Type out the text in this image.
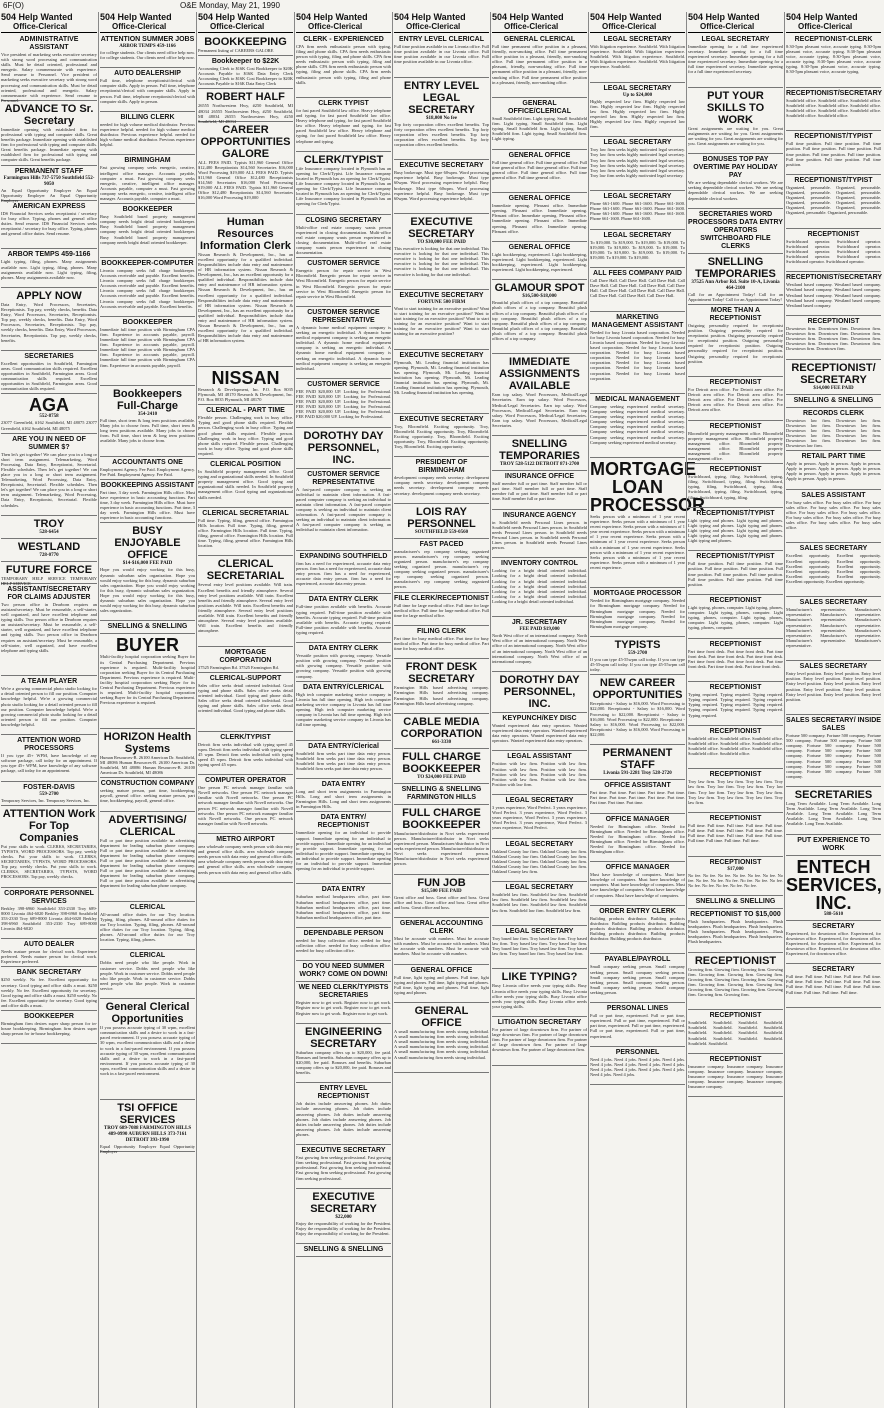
6F(O)	O&E Monday, May 21, 1990
504 Help Wanted
Office-Clerical
ADMINISTRATIVE ASSISTANT
Vice president of marketing seeks executive secretary with strong word processing and communication skills. Must be detail oriented, professional and energetic. Salary commensurate with experience. Send resume to Personnel. Vice president of marketing seeks executive secretary with strong word processing and communication skills. Must be detail oriented, professional and energetic. Salary commensurate with experience. Send resume to Personnel.
ADVANCE TO Sr. Secretary
Immediate opening with established firm for professional with typing and computer skills. Great benefits package. Immediate opening with established firm for professional with typing and computer skills. Great benefits package. Immediate opening with established firm for professional with typing and computer skills. Great benefits package.
PERMANENT STAFF
Farmington Hills 737-5750 Southfield 552-9050
An Equal Opportunity Employer An Equal Opportunity Employer An Equal Opportunity Employer
AMERICAN EXPRESS
IDS Financial Services seeks receptionist / secretary for busy office. Typing, phones and general office duties. Send resume. IDS Financial Services seeks receptionist / secretary for busy office. Typing, phones and general office duties. Send resume.
ARBOR TEMPS 459-1166
Light typing, filing, phones. Many assignments available now. Light typing, filing, phones. Many assignments available now. Light typing, filing, phones. Many assignments available now.
APPLY NOW
Data Entry, Word Processors, Secretaries, Receptionists. Top pay, weekly checks, benefits. Data Entry, Word Processors, Secretaries, Receptionists. Top pay, weekly checks, benefits. Data Entry, Word Processors, Secretaries, Receptionists. Top pay, weekly checks, benefits. Data Entry, Word Processors, Secretaries, Receptionists. Top pay, weekly checks, benefits.
SECRETARIES
Excellent opportunities in Southfield, Farmington areas. Good communication skills required. Excellent opportunities in Southfield, Farmington areas. Good communication skills required. Excellent opportunities in Southfield, Farmington areas. Good communication skills required.
AGA
552-8758
23077 Greenfield, #162 Southfield, MI 48075 23077 Greenfield, #162 Southfield, MI 48075
ARE YOU IN NEED OF SUMMER $?
Then let's get together! We can place you in a long or short term assignment. Telemarketing, Word Processing, Data Entry, Receptionist, Secretarial. Flexible schedules. Then let's get together! We can place you in a long or short term assignment. Telemarketing, Word Processing, Data Entry, Receptionist, Secretarial. Flexible schedules. Then let's get together! We can place you in a long or short term assignment. Telemarketing, Word Processing, Data Entry, Receptionist, Secretarial. Flexible schedules.
TROY
528-6454
WESTLAND
728-0770
FUTURE FORCE
TEMPORARY HELP SERVICE TEMPORARY HELP SERVICE
ASSISTANT/SECRETARY FOR CLAIMS ADJUSTER
Two person office in Dearborn requires an assistant/secretary. Must be reasonable, a self-starter, well organized, and have excellent telephone and typing skills. Two person office in Dearborn requires an assistant/secretary. Must be reasonable, a self-starter, well organized, and have excellent telephone and typing skills. Two person office in Dearborn requires an assistant/secretary. Must be reasonable, a self-starter, well organized, and have excellent telephone and typing skills.
A TEAM PLAYER
We're a growing commercial photo studio looking for a detail oriented person to fill our position. Computer knowledge helpful. We're a growing commercial photo studio looking for a detail oriented person to fill our position. Computer knowledge helpful. We're a growing commercial photo studio looking for a detail oriented person to fill our position. Computer knowledge helpful.
ATTENTION WORD PROCESSORS
If you type 45+ WPM, have knowledge of any software package, call today for an appointment. If you type 45+ WPM, have knowledge of any software package, call today for an appointment.
FOSTER-DAVIS
559-2700
Temporary Services, Inc. Temporary Services, Inc.
ATTENTION Work For Top Companies
Put your skills to work. CLERKS, SECRETARIES, TYPISTS, WORD PROCESSORS. Top pay, weekly checks. Put your skills to work. CLERKS, SECRETARIES, TYPISTS, WORD PROCESSORS. Top pay, weekly checks. Put your skills to work. CLERKS, SECRETARIES, TYPISTS, WORD PROCESSORS. Top pay, weekly checks.
CORPORATE PERSONNEL SERVICES
Berkley 398-6960 Southfield 353-2330 Troy 689-8000 Livonia 464-6020 Berkley 398-6960 Southfield 353-2330 Troy 689-8000 Livonia 464-6020 Berkley 398-6960 Southfield 353-2330 Troy 689-8000 Livonia 464-6020
AUTO DEALER
Needs mature person for clerical work. Experience preferred. Needs mature person for clerical work. Experience preferred.
BANK SECRETARY
$250 weekly. No fee. Excellent opportunity for secretary. Good typing and office skills a must. $250 weekly. No fee. Excellent opportunity for secretary. Good typing and office skills a must. $250 weekly. No fee. Excellent opportunity for secretary. Good typing and office skills a must.
BOOKKEEPER
Birmingham firm desires super sharp person for in-house bookkeeping. Birmingham firm desires super sharp person for in-house bookkeeping.
504 Help Wanted
Office-Clerical
ATTENTION SUMMER JOBS
ARBOR TEMPS 459-1166
for college students. Our clients need office help now. for college students. Our clients need office help now.
AUTO DEALERSHIP
Full time, telephone receptionist/clerical with computer skills. Apply in person. Full time, telephone receptionist/clerical with computer skills. Apply in person. Full time, telephone receptionist/clerical with computer skills. Apply in person.
BILLING CLERK
needed for high volume medical distributor. Previous experience helpful. needed for high volume medical distributor. Previous experience helpful. needed for high volume medical distributor. Previous experience helpful.
BIRMINGHAM
Fast growing company seeks energetic, creative, intelligent office manager. Accounts payable, computer a must. Fast growing company seeks energetic, creative, intelligent office manager. Accounts payable, computer a must. Fast growing company seeks energetic, creative, intelligent office manager. Accounts payable, computer a must.
BOOKKEEPER
Busy Southfield based property management company needs bright detail oriented bookkeeper. Busy Southfield based property management company needs bright detail oriented bookkeeper. Busy Southfield based property management company needs bright detail oriented bookkeeper.
BOOKKEEPER-COMPUTER
Livonia company seeks full charge bookkeeper. Accounts receivable and payable. Excellent benefits. Livonia company seeks full charge bookkeeper. Accounts receivable and payable. Excellent benefits. Livonia company seeks full charge bookkeeper. Accounts receivable and payable. Excellent benefits. Livonia company seeks full charge bookkeeper. Accounts receivable and payable. Excellent benefits.
BOOKKEEPER
Immediate full time position with Birmingham CPA firm. Experience in accounts payable, payroll. Immediate full time position with Birmingham CPA firm. Experience in accounts payable, payroll. Immediate full time position with Birmingham CPA firm. Experience in accounts payable, payroll. Immediate full time position with Birmingham CPA firm. Experience in accounts payable, payroll.
Bookkeepers Full-Charge
354-2410
Full time, short term & long term positions available. Many jobs to choose from. Full time, short term & long term positions available. Many jobs to choose from. Full time, short term & long term positions available. Many jobs to choose from.
ACCOUNTANTS ONE
Employment Agency. Fee Paid. Employment Agency. Fee Paid. Employment Agency. Fee Paid.
BOOKKEEPING ASSISTANT
Part time, 3 day week. Farmington Hills office. Must have experience in basic accounting functions. Part time, 3 day week. Farmington Hills office. Must have experience in basic accounting functions. Part time, 3 day week. Farmington Hills office. Must have experience in basic accounting functions.
BUSY ENJOYABLE OFFICE
$14-$16,000 FEE PAID
Hope you would enjoy working for this busy, dynamic suburban sales organization. Hope you would enjoy working for this busy, dynamic suburban sales organization. Hope you would enjoy working for this busy, dynamic suburban sales organization. Hope you would enjoy working for this busy, dynamic suburban sales organization. Hope you would enjoy working for this busy, dynamic suburban sales organization.
SNELLING & SNELLING
BUYER
Multi-facility hospital corporation seeking Buyer for its Central Purchasing Department. Previous experience is required. Multi-facility hospital corporation seeking Buyer for its Central Purchasing Department. Previous experience is required. Multi-facility hospital corporation seeking Buyer for its Central Purchasing Department. Previous experience is required. Multi-facility hospital corporation seeking Buyer for its Central Purchasing Department. Previous experience is required.
HORIZON Health Systems
Human Resources-B. 26100 American Dr. Southfield, MI 48086 Human Resources-B. 26100 American Dr. Southfield, MI 48086 Human Resources-B. 26100 American Dr. Southfield, MI 48086
CONSTRUCTION COMPANY
seeking mature person, part time, bookkeeping, payroll, general office. seeking mature person, part time, bookkeeping, payroll, general office.
ADVERTISING/ CLERICAL
Full or part time position available in advertising department for leading suburban phone company. Full or part time position available in advertising department for leading suburban phone company. Full or part time position available in advertising department for leading suburban phone company. Full or part time position available in advertising department for leading suburban phone company. Full or part time position available in advertising department for leading suburban phone company.
CLERICAL
All-around office duties for our Troy location. Typing, filing, phones. All-around office duties for our Troy location. Typing, filing, phones. All-around office duties for our Troy location. Typing, filing, phones. All-around office duties for our Troy location. Typing, filing, phones.
CLERICAL
Dobbs need people who like people. Work in customer service. Dobbs need people who like people. Work in customer service. Dobbs need people who like people. Work in customer service. Dobbs need people who like people. Work in customer service.
General Clerical Opportunities
If you possess accurate typing of 30 wpm, excellent communication skills and a desire to work in a fast-paced environment. If you possess accurate typing of 30 wpm, excellent communication skills and a desire to work in a fast-paced environment. If you possess accurate typing of 30 wpm, excellent communication skills and a desire to work in a fast-paced environment. If you possess accurate typing of 30 wpm, excellent communication skills and a desire to work in a fast-paced environment.
TSI OFFICE SERVICES
TROY 689-7088 FARMINGTON HILLS 489-0990 AUBURN HILLS 373-7161 DETROIT 393-1990
Equal Opportunity Employer Equal Opportunity Employer
504 Help Wanted
Office-Clerical
BOOKKEEPING
Permanent listing of CAREERS GALORE
Bookkeeper to $22K
Accounting Clerk to $16K Cost Bookkeeper to $20K Accounts Payable to $16K Data Entry Clerk Accounting Clerk to $16K Cost Bookkeeper to $20K Accounts Payable to $16K Data Entry Clerk
ROBERT HALF
26555 Northwestern Hwy, #250 Southfield, MI 48034 26555 Northwestern Hwy, #250 Southfield, MI 48034 26555 Northwestern Hwy, #250 Southfield, MI 48034
CAREER OPPORTUNITIES GALORE
ALL FEES PAID. Typists $11,960 General Office $12,480 Receptionists $14,560 Secretaries $16,000 Word Processing $19,000 ALL FEES PAID. Typists $11,960 General Office $12,480 Receptionists $14,560 Secretaries $16,000 Word Processing $19,000 ALL FEES PAID. Typists $11,960 General Office $12,480 Receptionists $14,560 Secretaries $16,000 Word Processing $19,000
Human Resources Information Clerk
Nissan Research & Development, Inc., has an excellent opportunity for a qualified individual. Responsibilities include data entry and maintenance of HR information system. Nissan Research & Development, Inc., has an excellent opportunity for a qualified individual. Responsibilities include data entry and maintenance of HR information system. Nissan Research & Development, Inc., has an excellent opportunity for a qualified individual. Responsibilities include data entry and maintenance of HR information system. Nissan Research & Development, Inc., has an excellent opportunity for a qualified individual. Responsibilities include data entry and maintenance of HR information system. Nissan Research & Development, Inc., has an excellent opportunity for a qualified individual. Responsibilities include data entry and maintenance of HR information system.
NISSAN
Research & Development, Inc. P.O. Box 8035 Plymouth, MI 48170 Research & Development, Inc. P.O. Box 8035 Plymouth, MI 48170
CLERICAL - PART TIME
Flexible person. Challenging work in busy office. Typing and good phone skills required. Flexible person. Challenging work in busy office. Typing and good phone skills required. Flexible person. Challenging work in busy office. Typing and good phone skills required. Flexible person. Challenging work in busy office. Typing and good phone skills required.
CLERICAL POSITION
In Southfield property management office. Good typing and organizational skills needed. In Southfield property management office. Good typing and organizational skills needed. In Southfield property management office. Good typing and organizational skills needed.
CLERICAL SECRETARIAL
Full time. Typing, filing, general office. Farmington Hills location. Full time. Typing, filing, general office. Farmington Hills location. Full time. Typing, filing, general office. Farmington Hills location. Full time. Typing, filing, general office. Farmington Hills location.
CLERICAL SECRETARIAL
Several entry level positions available. Will train. Excellent benefits and friendly atmosphere. Several entry level positions available. Will train. Excellent benefits and friendly atmosphere. Several entry level positions available. Will train. Excellent benefits and friendly atmosphere. Several entry level positions available. Will train. Excellent benefits and friendly atmosphere. Several entry level positions available. Will train. Excellent benefits and friendly atmosphere.
MORTGAGE CORPORATION
37525 Farmington Rd. 37525 Farmington Rd.
CLERICAL-SUPPORT
Sales office seeks detail oriented individual. Good typing and phone skills. Sales office seeks detail oriented individual. Good typing and phone skills. Sales office seeks detail oriented individual. Good typing and phone skills. Sales office seeks detail oriented individual. Good typing and phone skills.
CLERK/TYPIST
Detroit firm seeks individual with typing speed 45 wpm. Detroit firm seeks individual with typing speed 45 wpm. Detroit firm seeks individual with typing speed 45 wpm. Detroit firm seeks individual with typing speed 45 wpm.
COMPUTER OPERATOR
One person PC network manager familiar with Novell networks. One person PC network manager familiar with Novell networks. One person PC network manager familiar with Novell networks. One person PC network manager familiar with Novell networks. One person PC network manager familiar with Novell networks. One person PC network manager familiar with Novell networks.
METRO AIRPORT
area wholesale company needs person with data entry and general office skills. area wholesale company needs person with data entry and general office skills. area wholesale company needs person with data entry and general office skills. area wholesale company needs person with data entry and general office skills.
504 Help Wanted
Office-Clerical
CLERK - EXPERIENCED
CPA firm needs enthusiastic person with typing, filing and phone skills. CPA firm needs enthusiastic person with typing, filing and phone skills. CPA firm needs enthusiastic person with typing, filing and phone skills. CPA firm needs enthusiastic person with typing, filing and phone skills. CPA firm needs enthusiastic person with typing, filing and phone skills.
CLERK TYPIST
for fast paced Southfield law office. Heavy telephone and typing. for fast paced Southfield law office. Heavy telephone and typing. for fast paced Southfield law office. Heavy telephone and typing. for fast paced Southfield law office. Heavy telephone and typing. for fast paced Southfield law office. Heavy telephone and typing.
CLERK/TYPIST
Life Insurance company located in Plymouth has an opening for Clerk/Typist. Life Insurance company located in Plymouth has an opening for Clerk/Typist. Life Insurance company located in Plymouth has an opening for Clerk/Typist. Life Insurance company located in Plymouth has an opening for Clerk/Typist. Life Insurance company located in Plymouth has an opening for Clerk/Typist.
CLOSING SECRETARY
Multi-office real estate company wants person experienced in closing documentation. Multi-office real estate company wants person experienced in closing documentation. Multi-office real estate company wants person experienced in closing documentation.
CUSTOMER SERVICE
Energetic person for repair service in West Bloomfield. Energetic person for repair service in West Bloomfield. Energetic person for repair service in West Bloomfield. Energetic person for repair service in West Bloomfield. Energetic person for repair service in West Bloomfield.
CUSTOMER SERVICE REPRESENTATIVE
A dynamic home medical equipment company is seeking an energetic individual. A dynamic home medical equipment company is seeking an energetic individual. A dynamic home medical equipment company is seeking an energetic individual. A dynamic home medical equipment company is seeking an energetic individual. A dynamic home medical equipment company is seeking an energetic individual.
CUSTOMER SERVICE
FEE PAID $20,000 UP. Looking for Professional. FEE PAID $20,000 UP. Looking for Professional. FEE PAID $20,000 UP. Looking for Professional. FEE PAID $20,000 UP. Looking for Professional. FEE PAID $20,000 UP. Looking for Professional. FEE PAID $20,000 UP. Looking for Professional.
DOROTHY DAY PERSONNEL, INC.
CUSTOMER SERVICE REPRESENTATIVE
A fast-paced computer company is seeking an individual to maintain client information. A fast-paced computer company is seeking an individual to maintain client information. A fast-paced computer company is seeking an individual to maintain client information. A fast-paced computer company is seeking an individual to maintain client information. A fast-paced computer company is seeking an individual to maintain client information.
EXPANDING SOUTHFIELD
firm has a need for experienced, accurate data entry person. firm has a need for experienced, accurate data entry person. firm has a need for experienced, accurate data entry person. firm has a need for experienced, accurate data entry person.
DATA ENTRY CLERK
Full-time position available with benefits. Accurate typing required. Full-time position available with benefits. Accurate typing required. Full-time position available with benefits. Accurate typing required. Full-time position available with benefits. Accurate typing required.
DATA ENTRY CLERK
Versatile position with growing company. Versatile position with growing company. Versatile position with growing company. Versatile position with growing company. Versatile position with growing company.
DATA ENTRY/CLERICAL
High tech computer marketing service company in Livonia has full time opening. High tech computer marketing service company in Livonia has full time opening. High tech computer marketing service company in Livonia has full time opening. High tech computer marketing service company in Livonia has full time opening.
DATA ENTRY/Clerical
Southfield firm seeks part time data entry person. Southfield firm seeks part time data entry person. Southfield firm seeks part time data entry person. Southfield firm seeks part time data entry person.
DATA ENTRY
Long and short term assignments in Farmington Hills. Long and short term assignments in Farmington Hills. Long and short term assignments in Farmington Hills.
DATA ENTRY/ RECEPTIONIST
Immediate opening for an individual to provide support. Immediate opening for an individual to provide support. Immediate opening for an individual to provide support. Immediate opening for an individual to provide support. Immediate opening for an individual to provide support. Immediate opening for an individual to provide support. Immediate opening for an individual to provide support.
DATA ENTRY
Suburban medical headquarters office, part time. Suburban medical headquarters office, part time. Suburban medical headquarters office, part time. Suburban medical headquarters office, part time. Suburban medical headquarters office, part time.
DEPENDABLE PERSON
needed for busy collection office. needed for busy collection office. needed for busy collection office. needed for busy collection office.
DO YOU NEED SUMMER WORK? COME ON DOWN!
WE NEED CLERK/TYPISTS SECRETARIES
Register now to get work. Register now to get work. Register now to get work. Register now to get work. Register now to get work. Register now to get work.
ENGINEERING SECRETARY
Suburban company offers up to $20,000, fee paid. Bonuses and benefits. Suburban company offers up to $20,000, fee paid. Bonuses and benefits. Suburban company offers up to $20,000, fee paid. Bonuses and benefits.
ENTRY LEVEL RECEPTIONIST
Job duties include answering phones. Job duties include answering phones. Job duties include answering phones. Job duties include answering phones. Job duties include answering phones. Job duties include answering phones. Job duties include answering phones. Job duties include answering phones.
EXECUTIVE SECRETARY
Fast growing firm seeking professional. Fast growing firm seeking professional. Fast growing firm seeking professional. Fast growing firm seeking professional. Fast growing firm seeking professional. Fast growing firm seeking professional.
EXECUTIVE SECRETARY
$22,000
Enjoy the responsibility of working for the President. Enjoy the responsibility of working for the President. Enjoy the responsibility of working for the President.
SNELLING & SNELLING
504 Help Wanted
Office-Clerical
ENTRY LEVEL CLERICAL
Full time position available in our Livonia office. Full time position available in our Livonia office. Full time position available in our Livonia office. Full time position available in our Livonia office.
ENTRY LEVEL LEGAL SECRETARY
$18,000 No fee
Top forty corporation offers excellent benefits. Top forty corporation offers excellent benefits. Top forty corporation offers excellent benefits. Top forty corporation offers excellent benefits. Top forty corporation offers excellent benefits.
EXECUTIVE SECRETARY
Busy brokerage. Must type 60wpm. Word processing experience helpful. Busy brokerage. Must type 60wpm. Word processing experience helpful. Busy brokerage. Must type 60wpm. Word processing experience helpful. Busy brokerage. Must type 60wpm. Word processing experience helpful.
EXECUTIVE SECRETARY
TO $30,000 FEE PAID
This executive is looking for that one individual. This executive is looking for that one individual. This executive is looking for that one individual. This executive is looking for that one individual. This executive is looking for that one individual. This executive is looking for that one individual.
EXECUTIVE SECRETARY
FORTUNE 500 FIRM
Want to start training for an executive position? Want to start training for an executive position? Want to start training for an executive position? Want to start training for an executive position? Want to start training for an executive position? Want to start training for an executive position?
EXECUTIVE SECRETARY
Plymouth, Mi. Leading financial institution has opening. Plymouth, Mi. Leading financial institution has opening. Plymouth, Mi. Leading financial institution has opening. Plymouth, Mi. Leading financial institution has opening. Plymouth, Mi. Leading financial institution has opening. Plymouth, Mi. Leading financial institution has opening.
EXECUTIVE SECRETARY
Troy, Bloomfield. Exciting opportunity. Troy, Bloomfield. Exciting opportunity. Troy, Bloomfield. Exciting opportunity. Troy, Bloomfield. Exciting opportunity. Troy, Bloomfield. Exciting opportunity. Troy, Bloomfield. Exciting opportunity.
PRESIDENT OF BIRMINGHAM
development company needs secretary. development company needs secretary. development company needs secretary. development company needs secretary. development company needs secretary.
LOIS RAY PERSONNEL
SOUTHFIELD 559-0560
FAST PACED
manufacturer's rep company seeking organized person. manufacturer's rep company seeking organized person. manufacturer's rep company seeking organized person. manufacturer's rep company seeking organized person. manufacturer's rep company seeking organized person. manufacturer's rep company seeking organized person.
FILE CLERK/RECEPTIONIST
Full time for large medical office. Full time for large medical office. Full time for large medical office. Full time for large medical office.
FILING CLERK
Part time for busy medical office. Part time for busy medical office. Part time for busy medical office. Part time for busy medical office.
FRONT DESK SECRETARY
Farmington Hills based advertising company. Farmington Hills based advertising company. Farmington Hills based advertising company. Farmington Hills based advertising company.
CABLE MEDIA CORPORATION
661-3330
FULL CHARGE BOOKKEEPER
TO $24,000 FEE PAID
SNELLING & SNELLING FARMINGTON HILLS
FULL CHARGE BOOKKEEPER
Manufacturer/distributor in Novi seeks experienced person. Manufacturer/distributor in Novi seeks experienced person. Manufacturer/distributor in Novi seeks experienced person. Manufacturer/distributor in Novi seeks experienced person. Manufacturer/distributor in Novi seeks experienced person.
FUN JOB
$15,500 FEE PAID
Great office and boss. Great office and boss. Great office and boss. Great office and boss. Great office and boss. Great office and boss.
GENERAL ACCOUNTING CLERK
Must be accurate with numbers. Must be accurate with numbers. Must be accurate with numbers. Must be accurate with numbers. Must be accurate with numbers. Must be accurate with numbers.
GENERAL OFFICE
Full time, light typing and phones. Full time, light typing and phones. Full time, light typing and phones. Full time, light typing and phones. Full time, light typing and phones.
GENERAL OFFICE
A small manufacturing firm needs strong individual. A small manufacturing firm needs strong individual. A small manufacturing firm needs strong individual. A small manufacturing firm needs strong individual. A small manufacturing firm needs strong individual. A small manufacturing firm needs strong individual.
504 Help Wanted
Office-Clerical
GENERAL CLERICAL
Full time permanent office position in a pleasant, friendly, non-smoking office. Full time permanent office position in a pleasant, friendly, non-smoking office. Full time permanent office position in a pleasant, friendly, non-smoking office. Full time permanent office position in a pleasant, friendly, non-smoking office. Full time permanent office position in a pleasant, friendly, non-smoking office.
GENERAL OFFICE/CLERICAL
Small Southfield firm. Light typing. Small Southfield firm. Light typing. Small Southfield firm. Light typing. Small Southfield firm. Light typing. Small Southfield firm. Light typing. Small Southfield firm. Light typing.
GENERAL OFFICE
Full time general office. Full time general office. Full time general office. Full time general office. Full time general office. Full time general office. Full time general office. Full time general office.
GENERAL OFFICE
Immediate opening. Pleasant office. Immediate opening. Pleasant office. Immediate opening. Pleasant office. Immediate opening. Pleasant office. Immediate opening. Pleasant office. Immediate opening. Pleasant office. Immediate opening. Pleasant office.
GENERAL OFFICE
Light bookkeeping, experienced. Light bookkeeping, experienced. Light bookkeeping, experienced. Light bookkeeping, experienced. Light bookkeeping, experienced. Light bookkeeping, experienced.
GLAMOUR SPOT
$16,500-$18,000
Beautiful plush offices of a top company. Beautiful plush offices of a top company. Beautiful plush offices of a top company. Beautiful plush offices of a top company. Beautiful plush offices of a top company. Beautiful plush offices of a top company. Beautiful plush offices of a top company. Beautiful plush offices of a top company. Beautiful plush offices of a top company.
IMMEDIATE ASSIGNMENTS AVAILABLE
Earn top salary. Word Processors, Medical/Legal Secretaries. Earn top salary. Word Processors, Medical/Legal Secretaries. Earn top salary. Word Processors, Medical/Legal Secretaries. Earn top salary. Word Processors, Medical/Legal Secretaries. Earn top salary. Word Processors, Medical/Legal Secretaries.
SNELLING TEMPORARIES
TROY 528-5122 DETROIT 871-2700
INSURANCE OFFICE
Staff member full or part time. Staff member full or part time. Staff member full or part time. Staff member full or part time. Staff member full or part time. Staff member full or part time.
INSURANCE AGENCY
in Southfield needs Personal Lines person. in Southfield needs Personal Lines person. in Southfield needs Personal Lines person. in Southfield needs Personal Lines person. in Southfield needs Personal Lines person. in Southfield needs Personal Lines person.
INVENTORY CONTROL
Looking for a bright detail oriented individual. Looking for a bright detail oriented individual. Looking for a bright detail oriented individual. Looking for a bright detail oriented individual. Looking for a bright detail oriented individual. Looking for a bright detail oriented individual. Looking for a bright detail oriented individual.
JR. SECRETARY
FEE PAID $19,000
North West office of an international company. North West office of an international company. North West office of an international company. North West office of an international company. North West office of an international company. North West office of an international company.
DOROTHY DAY PERSONNEL, INC.
KEYPUNCH/KEY DISC
Wanted experienced data entry operators. Wanted experienced data entry operators. Wanted experienced data entry operators. Wanted experienced data entry operators. Wanted experienced data entry operators.
LEGAL ASSISTANT
Position with law firm. Position with law firm. Position with law firm. Position with law firm. Position with law firm. Position with law firm. Position with law firm. Position with law firm. Position with law firm.
LEGAL SECRETARY
3 years experience, Word Perfect. 3 years experience, Word Perfect. 3 years experience, Word Perfect. 3 years experience, Word Perfect. 3 years experience, Word Perfect. 3 years experience, Word Perfect. 3 years experience, Word Perfect.
LEGAL SECRETARY
Oakland County law firm. Oakland County law firm. Oakland County law firm. Oakland County law firm. Oakland County law firm. Oakland County law firm. Oakland County law firm. Oakland County law firm. Oakland County law firm.
LEGAL SECRETARY
Southfield law firm. Southfield law firm. Southfield law firm. Southfield law firm. Southfield law firm. Southfield law firm. Southfield law firm. Southfield law firm. Southfield law firm. Southfield law firm.
LEGAL SECRETARY
Troy based law firm. Troy based law firm. Troy based law firm. Troy based law firm. Troy based law firm. Troy based law firm. Troy based law firm. Troy based law firm. Troy based law firm. Troy based law firm.
LIKE TYPING?
Busy Livonia office needs your typing skills. Busy Livonia office needs your typing skills. Busy Livonia office needs your typing skills. Busy Livonia office needs your typing skills. Busy Livonia office needs your typing skills.
LITIGATION SECRETARY
For partner of large downtown firm. For partner of large downtown firm. For partner of large downtown firm. For partner of large downtown firm. For partner of large downtown firm. For partner of large downtown firm. For partner of large downtown firm.
504 Help Wanted
Office-Clerical
LEGAL SECRETARY
With litigation experience. Southfield. With litigation experience. Southfield. With litigation experience. Southfield. With litigation experience. Southfield. With litigation experience. Southfield. With litigation experience. Southfield.
LEGAL SECRETARY
Up to $24,000
Highly respected law firm. Highly respected law firm. Highly respected law firm. Highly respected law firm. Highly respected law firm. Highly respected law firm. Highly respected law firm. Highly respected law firm. Highly respected law firm.
LEGAL SECRETARY
Troy law firm seeks highly motivated legal secretary. Troy law firm seeks highly motivated legal secretary. Troy law firm seeks highly motivated legal secretary. Troy law firm seeks highly motivated legal secretary. Troy law firm seeks highly motivated legal secretary. Troy law firm seeks highly motivated legal secretary.
LEGAL SECRETARY
Phone 661-1600. Phone 661-1600. Phone 661-1600. Phone 661-1600. Phone 661-1600. Phone 661-1600. Phone 661-1600. Phone 661-1600. Phone 661-1600. Phone 661-1600. Phone 661-1600.
LEGAL SECRETARY
To $19,000. To $19,000. To $19,000. To $19,000. To $19,000. To $19,000. To $19,000. To $19,000. To $19,000. To $19,000. To $19,000. To $19,000. To $19,000. To $19,000. To $19,000.
ALL FEES COMPANY PAID
Call Dave Hall. Call Dave Hall. Call Dave Hall. Call Dave Hall. Call Dave Hall. Call Dave Hall. Call Dave Hall. Call Dave Hall. Call Dave Hall. Call Dave Hall. Call Dave Hall. Call Dave Hall. Call Dave Hall.
MARKETING MANAGEMENT ASSISTANT
Needed for busy Livonia based corporation. Needed for busy Livonia based corporation. Needed for busy Livonia based corporation. Needed for busy Livonia based corporation. Needed for busy Livonia based corporation. Needed for busy Livonia based corporation. Needed for busy Livonia based corporation. Needed for busy Livonia based corporation. Needed for busy Livonia based corporation. Needed for busy Livonia based corporation.
MEDICAL MANAGEMENT
Company seeking experienced medical secretary. Company seeking experienced medical secretary. Company seeking experienced medical secretary. Company seeking experienced medical secretary. Company seeking experienced medical secretary. Company seeking experienced medical secretary. Company seeking experienced medical secretary. Company seeking experienced medical secretary.
MORTGAGE LOAN PROCESSOR
Seeks person with a minimum of 1 year recent experience. Seeks person with a minimum of 1 year recent experience. Seeks person with a minimum of 1 year recent experience. Seeks person with a minimum of 1 year recent experience. Seeks person with a minimum of 1 year recent experience. Seeks person with a minimum of 1 year recent experience. Seeks person with a minimum of 1 year recent experience. Seeks person with a minimum of 1 year recent experience. Seeks person with a minimum of 1 year recent experience.
MORTGAGE PROCESSOR
Needed for Birmingham mortgage company. Needed for Birmingham mortgage company. Needed for Birmingham mortgage company. Needed for Birmingham mortgage company. Needed for Birmingham mortgage company. Needed for Birmingham mortgage company.
TYPISTS
559-2700
If you can type 45-55wpm call today. If you can type 45-55wpm call today. If you can type 45-55wpm call today.
NEW CAREER OPPORTUNITIES
Receptionist - Salary to $16,000. Word Processing to $22,000. Receptionist - Salary to $16,000. Word Processing to $22,000. Receptionist - Salary to $16,000. Word Processing to $22,000. Receptionist - Salary to $16,000. Word Processing to $22,000. Receptionist - Salary to $16,000. Word Processing to $22,000.
PERMANENT STAFF
Livonia 591-2281 Troy 528-2720
OFFICE ASSISTANT
Part time. Part time. Part time. Part time. Part time. Part time. Part time. Part time. Part time. Part time. Part time. Part time. Part time.
OFFICE MANAGER
Needed for Birmingham office. Needed for Birmingham office. Needed for Birmingham office. Needed for Birmingham office. Needed for Birmingham office. Needed for Birmingham office. Needed for Birmingham office. Needed for Birmingham office.
OFFICE MANAGER
Must have knowledge of computers. Must have knowledge of computers. Must have knowledge of computers. Must have knowledge of computers. Must have knowledge of computers. Must have knowledge of computers. Must have knowledge of computers.
ORDER ENTRY CLERK
Building products distributor. Building products distributor. Building products distributor. Building products distributor. Building products distributor. Building products distributor. Building products distributor. Building products distributor.
PAYABLE/PAYROLL
Small company seeking person. Small company seeking person. Small company seeking person. Small company seeking person. Small company seeking person. Small company seeking person. Small company seeking person. Small company seeking person.
PERSONAL LINES
Full or part time, experienced. Full or part time, experienced. Full or part time, experienced. Full or part time, experienced. Full or part time, experienced. Full or part time, experienced. Full or part time, experienced.
PERSONNEL
Need 4 jobs. Need 4 jobs. Need 4 jobs. Need 4 jobs. Need 4 jobs. Need 4 jobs. Need 4 jobs. Need 4 jobs. Need 4 jobs. Need 4 jobs. Need 4 jobs. Need 4 jobs. Need 4 jobs. Need 4 jobs.
504 Help Wanted
Office-Clerical
LEGAL SECRETARY
Immediate opening for a full time experienced secretary. Immediate opening for a full time experienced secretary. Immediate opening for a full time experienced secretary. Immediate opening for a full time experienced secretary. Immediate opening for a full time experienced secretary.
PUT YOUR SKILLS TO WORK
Great assignments are waiting for you. Great assignments are waiting for you. Great assignments are waiting for you. Great assignments are waiting for you. Great assignments are waiting for you.
BONUSES TOP PAY OVERTIME PAY HOLIDAY PAY
We are seeking dependable clerical workers. We are seeking dependable clerical workers. We are seeking dependable clerical workers. We are seeking dependable clerical workers.
SECRETARIES WORD PROCESSORS DATA ENTRY OPERATORS SWITCHBOARD FILE CLERKS
SNELLING TEMPORARIES
37525 Ann Arbor Rd. Suite 10-A, Livonia 464-2100
Call for an Appointment Today! Call for an Appointment Today! Call for an Appointment Today!
MORE THAN A RECEPTIONIST
Outgoing personality required for receptionist position. Outgoing personality required for receptionist position. Outgoing personality required for receptionist position. Outgoing personality required for receptionist position. Outgoing personality required for receptionist position. Outgoing personality required for receptionist position.
RECEPTIONIST
For Detroit area office. For Detroit area office. For Detroit area office. For Detroit area office. For Detroit area office. For Detroit area office. For Detroit area office. For Detroit area office. For Detroit area office.
RECEPTIONIST
Bloomfield property management office. Bloomfield property management office. Bloomfield property management office. Bloomfield property management office. Bloomfield property management office. Bloomfield property management office.
RECEPTIONIST
Switchboard, typing, filing. Switchboard, typing, filing. Switchboard, typing, filing. Switchboard, typing, filing. Switchboard, typing, filing. Switchboard, typing, filing. Switchboard, typing, filing. Switchboard, typing, filing.
RECEPTIONIST/TYPIST
Light typing and phones. Light typing and phones. Light typing and phones. Light typing and phones. Light typing and phones. Light typing and phones. Light typing and phones. Light typing and phones. Light typing and phones.
RECEPTIONIST/TYPIST
Full time position. Full time position. Full time position. Full time position. Full time position. Full time position. Full time position. Full time position. Full time position. Full time position. Full time position.
RECEPTIONIST
Light typing, phones, computer. Light typing, phones, computer. Light typing, phones, computer. Light typing, phones, computer. Light typing, phones, computer. Light typing, phones, computer. Light typing, phones, computer.
RECEPTIONIST
Part time front desk. Part time front desk. Part time front desk. Part time front desk. Part time front desk. Part time front desk. Part time front desk. Part time front desk. Part time front desk. Part time front desk.
RECEPTIONIST
Typing required. Typing required. Typing required. Typing required. Typing required. Typing required. Typing required. Typing required. Typing required. Typing required. Typing required. Typing required. Typing required.
RECEPTIONIST
Southfield office. Southfield office. Southfield office. Southfield office. Southfield office. Southfield office. Southfield office. Southfield office. Southfield office. Southfield office. Southfield office.
RECEPTIONIST
Troy law firm. Troy law firm. Troy law firm. Troy law firm. Troy law firm. Troy law firm. Troy law firm. Troy law firm. Troy law firm. Troy law firm. Troy law firm. Troy law firm. Troy law firm. Troy law firm.
RECEPTIONIST
Full time. Full time. Full time. Full time. Full time. Full time. Full time. Full time. Full time. Full time. Full time. Full time. Full time. Full time. Full time. Full time. Full time. Full time. Full time.
RECEPTIONIST
$17,000
No fee. No fee. No fee. No fee. No fee. No fee. No fee. No fee. No fee. No fee. No fee. No fee. No fee. No fee. No fee. No fee. No fee. No fee.
SNELLING & SNELLING
RECEPTIONIST TO $15,000
Plush headquarters. Plush headquarters. Plush headquarters. Plush headquarters. Plush headquarters. Plush headquarters. Plush headquarters. Plush headquarters. Plush headquarters. Plush headquarters. Plush headquarters.
RECEPTIONIST
Growing firm. Growing firm. Growing firm. Growing firm. Growing firm. Growing firm. Growing firm. Growing firm. Growing firm. Growing firm. Growing firm. Growing firm. Growing firm. Growing firm. Growing firm. Growing firm. Growing firm. Growing firm. Growing firm. Growing firm.
RECEPTIONIST
Southfield. Southfield. Southfield. Southfield. Southfield. Southfield. Southfield. Southfield. Southfield. Southfield. Southfield. Southfield. Southfield. Southfield. Southfield. Southfield. Southfield. Southfield.
RECEPTIONIST
Insurance company. Insurance company. Insurance company. Insurance company. Insurance company. Insurance company. Insurance company. Insurance company. Insurance company. Insurance company. Insurance company.
504 Help Wanted
Office-Clerical
RECEPTIONIST-CLERK
8:30-5pm pleasant voice, accurate typing. 8:30-5pm pleasant voice, accurate typing. 8:30-5pm pleasant voice, accurate typing. 8:30-5pm pleasant voice, accurate typing. 8:30-5pm pleasant voice, accurate typing. 8:30-5pm pleasant voice, accurate typing. 8:30-5pm pleasant voice, accurate typing.
RECEPTIONIST/SECRETARY
Southfield office. Southfield office. Southfield office. Southfield office. Southfield office. Southfield office. Southfield office. Southfield office. Southfield office. Southfield office. Southfield office.
RECEPTIONIST/TYPIST
Full time position. Full time position. Full time position. Full time position. Full time position. Full time position. Full time position. Full time position. Full time position. Full time position. Full time position.
RECEPTIONIST/TYPIST
Organized, personable. Organized, personable. Organized, personable. Organized, personable. Organized, personable. Organized, personable. Organized, personable. Organized, personable. Organized, personable. Organized, personable. Organized, personable. Organized, personable.
RECEPTIONIST
Switchboard operator. Switchboard operator. Switchboard operator. Switchboard operator. Switchboard operator. Switchboard operator. Switchboard operator. Switchboard operator. Switchboard operator. Switchboard operator.
RECEPTIONIST/SECRETARY
Westland based company. Westland based company. Westland based company. Westland based company. Westland based company. Westland based company. Westland based company. Westland based company. Westland based company.
RECEPTIONIST
Downtown firm. Downtown firm. Downtown firm. Downtown firm. Downtown firm. Downtown firm. Downtown firm. Downtown firm. Downtown firm. Downtown firm. Downtown firm. Downtown firm. Downtown firm. Downtown firm.
RECEPTIONIST/ SECRETARY
$14,000 FEE PAID
SNELLING & SNELLING
RECORDS CLERK
Downtown law firm. Downtown law firm. Downtown law firm. Downtown law firm. Downtown law firm. Downtown law firm. Downtown law firm. Downtown law firm. Downtown law firm. Downtown law firm. Downtown law firm.
RETAIL PART TIME
Apply in person. Apply in person. Apply in person. Apply in person. Apply in person. Apply in person. Apply in person. Apply in person. Apply in person. Apply in person. Apply in person.
SALES ASSISTANT
For busy sales office. For busy sales office. For busy sales office. For busy sales office. For busy sales office. For busy sales office. For busy sales office. For busy sales office. For busy sales office. For busy sales office. For busy sales office. For busy sales office.
SALES SECRETARY
Excellent opportunity. Excellent opportunity. Excellent opportunity. Excellent opportunity. Excellent opportunity. Excellent opportunity. Excellent opportunity. Excellent opportunity. Excellent opportunity. Excellent opportunity. Excellent opportunity. Excellent opportunity.
SALES SECRETARY
Manufacturer's representative. Manufacturer's representative. Manufacturer's representative. Manufacturer's representative. Manufacturer's representative. Manufacturer's representative. Manufacturer's representative. Manufacturer's representative. Manufacturer's representative. Manufacturer's representative. Manufacturer's representative.
SALES SECRETARY
Entry level position. Entry level position. Entry level position. Entry level position. Entry level position. Entry level position. Entry level position. Entry level position. Entry level position. Entry level position. Entry level position. Entry level position. Entry level position.
SALES SECRETARY/ INSIDE SALES
Fortune 500 company. Fortune 500 company. Fortune 500 company. Fortune 500 company. Fortune 500 company. Fortune 500 company. Fortune 500 company. Fortune 500 company. Fortune 500 company. Fortune 500 company. Fortune 500 company. Fortune 500 company. Fortune 500 company. Fortune 500 company. Fortune 500 company. Fortune 500 company. Fortune 500 company.
SECRETARIES
Long Term Available. Long Term Available. Long Term Available. Long Term Available. Long Term Available. Long Term Available. Long Term Available. Long Term Available. Long Term Available. Long Term Available.
PUT EXPERIENCE TO WORK
ENTECH SERVICES, INC.
588-5610
SECRETARY
Experienced, for downtown office. Experienced, for downtown office. Experienced, for downtown office. Experienced, for downtown office. Experienced, for downtown office. Experienced, for downtown office. Experienced, for downtown office.
SECRETARY
Full time. Full time. Full time. Full time. Full time. Full time. Full time. Full time. Full time. Full time. Full time. Full time. Full time. Full time. Full time. Full time. Full time. Full time. Full time.
